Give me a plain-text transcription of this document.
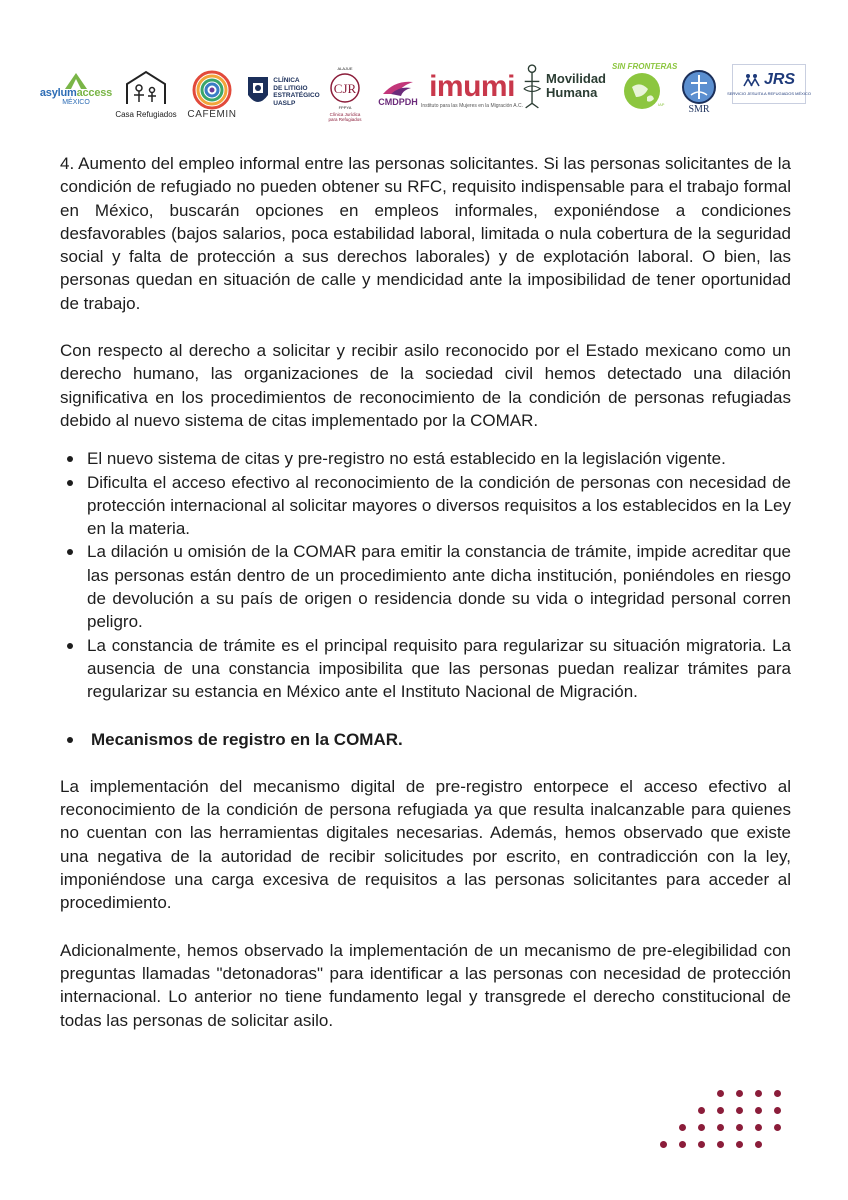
asylumaccess
MÉXICO
Casa Refugiados CAFEMIN
CLÍNICA
DE LITIGIO
ESTRATÉGICO
UASLP
ALAJUE
CJR
FPPYA
Clínica Jurídica
para Refugiados
CMDPDH imumi
Instituto para las Mujeres en la Migración A.C.
Movilidad
Humana
SIN FRONTERAS
IAP SMR
JRS
SERVICIO JESUITA A REFUGIADOS MÉXICO

4. Aumento del empleo informal entre las personas solicitantes. Si las personas solicitantes de la condición de refugiado no pueden obtener su RFC, requisito indispensable para el trabajo formal en México, buscarán opciones en empleos informales, exponiéndose a condiciones desfavorables (bajos salarios, poca estabilidad laboral, limitada o nula cobertura de la seguridad social y falta de protección a sus derechos laborales) y de explotación laboral. O bien, las personas quedan en situación de calle y mendicidad ante la imposibilidad de tener oportunidad de trabajo.

Con respecto al derecho a solicitar y recibir asilo reconocido por el Estado mexicano como un derecho humano, las organizaciones de la sociedad civil hemos detectado una dilación significativa en los procedimientos de reconocimiento de la condición de personas refugiadas debido al nuevo sistema de citas implementado por la COMAR.

El nuevo sistema de citas y pre-registro no está establecido en la legislación vigente.
Dificulta el acceso efectivo al reconocimiento de la condición de personas con necesidad de protección internacional al solicitar mayores o diversos requisitos a los establecidos en la Ley en la materia.
La dilación u omisión de la COMAR para emitir la constancia de trámite, impide acreditar que las personas están dentro de un procedimiento ante dicha institución, poniéndoles en riesgo de devolución a su país de origen o residencia donde su vida o integridad personal corren peligro.
La constancia de trámite es el principal requisito para regularizar su situación migratoria. La ausencia de una constancia imposibilita que las personas puedan realizar trámites para regularizar su estancia en México ante el Instituto Nacional de Migración.
Mecanismos de registro en la COMAR.

La implementación del mecanismo digital de pre-registro entorpece el acceso efectivo al reconocimiento de la condición de persona refugiada ya que resulta inalcanzable para quienes no cuentan con las herramientas digitales necesarias. Además, hemos observado que existe una negativa de la autoridad de recibir solicitudes por escrito, en contradicción con la ley, imponiéndose una carga excesiva de requisitos a las personas solicitantes para acceder al procedimiento.

Adicionalmente, hemos observado la implementación de un mecanismo de pre-elegibilidad con preguntas llamadas "detonadoras" para identificar a las personas con necesidad de protección internacional. Lo anterior no tiene fundamento legal y transgrede el derecho constitucional de todas las personas de solicitar asilo.
